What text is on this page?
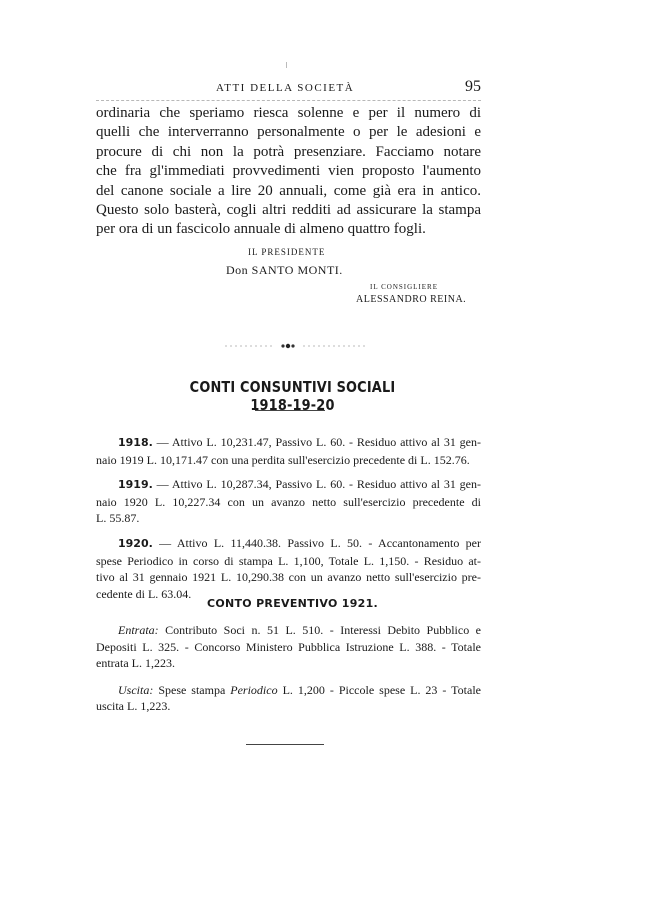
ATTI DELLA SOCIETÀ	95
ordinaria che speriamo riesca solenne e per il numero di
quelli che interverranno personalmente o per le adesioni e
procure di chi non la potrà presenziare. Facciamo notare
che fra gl'immediati provvedimenti vien proposto l'aumento
del canone sociale a lire 20 annuali, come già era in antico.
Questo solo basterà, cogli altri redditi ad assicurare la stampa
per ora di un fascicolo annuale di almeno quattro fogli.
IL PRESIDENTE
Don SANTO MONTI.
IL CONSIGLIERE
ALESSANDRO REINA.
CONTI CONSUNTIVI SOCIALI 1918-19-20
1918. — Attivo L. 10,231.47, Passivo L. 60. - Residuo attivo al 31 gen-
naio 1919 L. 10,171.47 con una perdita sull'esercizio precedente di L. 152.76.
1919. — Attivo L. 10,287.34, Passivo L. 60. - Residuo attivo al 31 gen-
naio 1920 L. 10,227.34 con un avanzo netto sull'esercizio precedente di
L. 55.87.
1920. — Attivo L. 11,440.38. Passivo L. 50. - Accantonamento per
spese Periodico in corso di stampa L. 1,100, Totale L. 1,150. - Residuo at-
tivo al 31 gennaio 1921 L. 10,290.38 con un avanzo netto sull'esercizio pre-
cedente di L. 63.04.
CONTO PREVENTIVO 1921.
Entrata: Contributo Soci n. 51 L. 510. - Interessi Debito Pubblico e
Depositi L. 325. - Concorso Ministero Pubblica Istruzione L. 388. - Totale
entrata L. 1,223.
Uscita: Spese stampa Periodico L. 1,200 - Piccole spese L. 23 - Totale
uscita L. 1,223.
